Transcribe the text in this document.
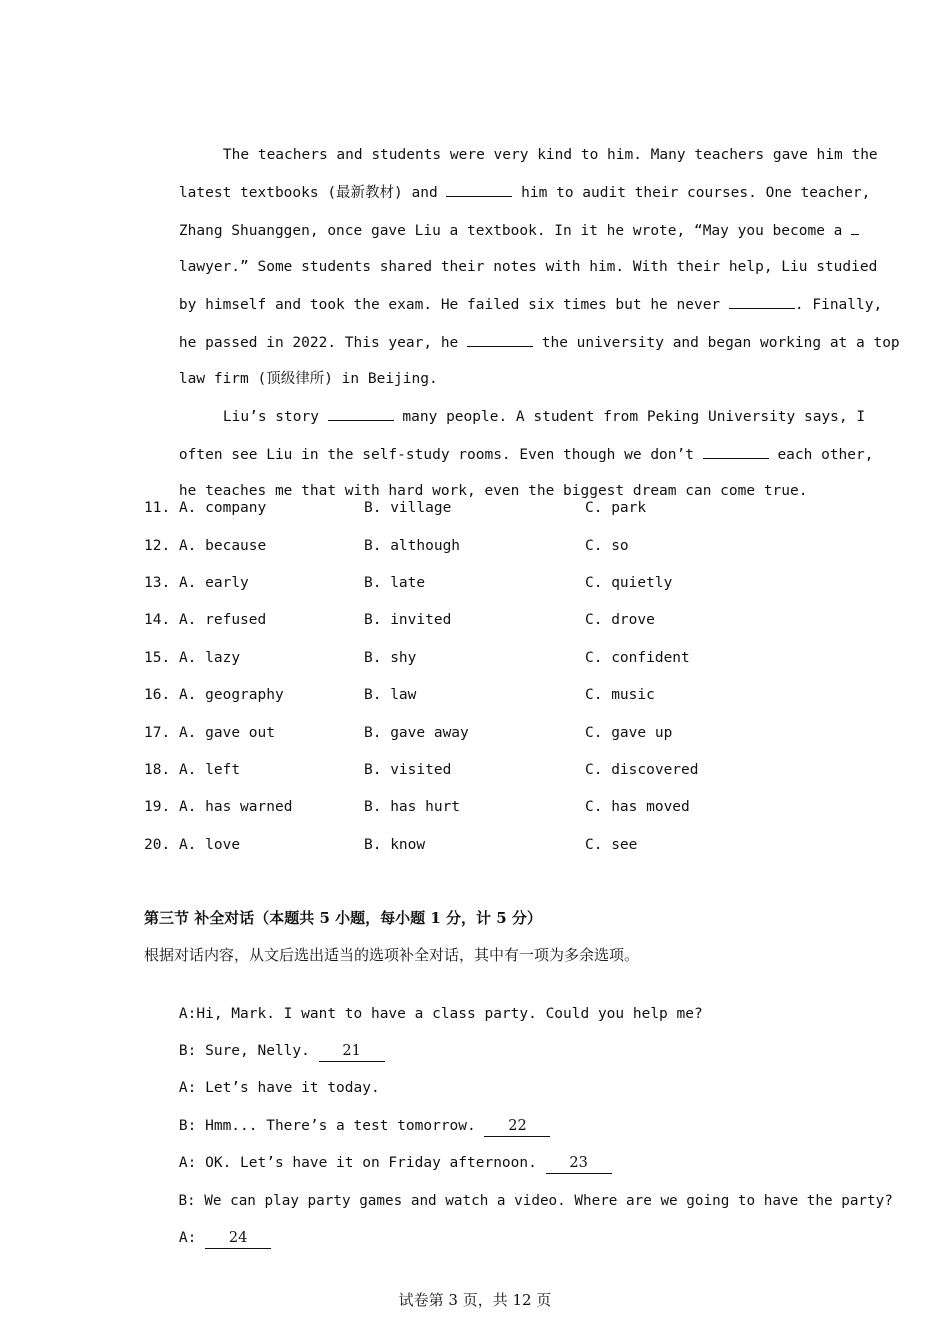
The teachers and students were very kind to him. Many teachers gave him the

latest textbooks (最新教材) and	him to audit their courses. One teacher,

Zhang Shuanggen, once gave Liu a textbook. In it he wrote, “May you become a

lawyer.” Some students shared their notes with him. With their help, Liu studied

by himself and took the exam. He failed six times but he never	. Finally,

he passed in 2022. This year, he	the university and began working at a top

law firm (顶级律所) in Beijing.

Liu’s story	many people. A student from Peking University says, I

often see Liu in the self-study rooms. Even though we don’t	each other,

he teaches me that with hard work, even the biggest dream can come true.

11. A. company	B. village	C. park
12. A. because	B. although	C. so
13. A. early	B. late	C. quietly
14. A. refused	B. invited	C. drove
15. A. lazy	B. shy	C. confident
16. A. geography	B. law	C. music
17. A. gave out	B. gave away	C. gave up
18. A. left	B. visited	C. discovered
19. A. has warned	B. has hurt	C. has moved
20. A. love	B. know	C. see
第三节 补全对话（本题共 5 小题，每小题 1 分，计 5 分）
根据对话内容，从文后选出适当的选项补全对话，其中有一项为多余选项。

A:Hi, Mark. I want to have a class party. Could you help me?

B: Sure, Nelly. 21

A: Let’s have it today.

B: Hmm... There’s a test tomorrow. 22

A: OK. Let’s have it on Friday afternoon. 23

B: We can play party games and watch a video. Where are we going to have the party?

A: 24

试卷第 3 页，共 12 页
